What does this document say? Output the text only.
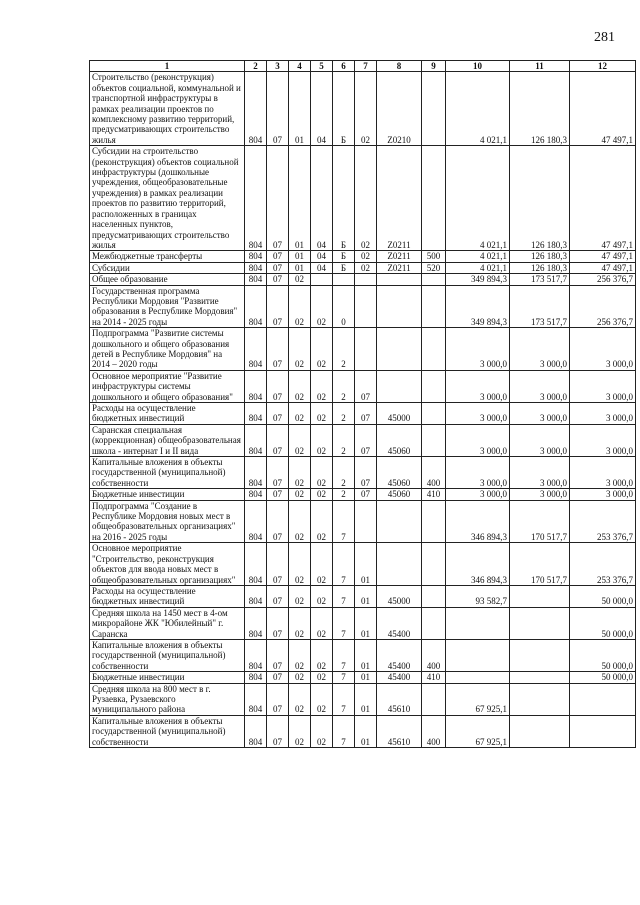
281
1	2	3	4	5	6	7	8	9	10	11	12
Строительство (реконструкция) объектов социальной, коммунальной и транспортной инфраструктуры в рамках реализации проектов по комплексному развитию территорий, предусматривающих строительство жилья	804	07	01	04	Б	02	Z0210		4 021,1	126 180,3	47 497,1
Субсидии на строительство (реконструкция) объектов социальной инфраструктуры (дошкольные учреждения, общеобразовательные учреждения) в рамках реализации проектов по развитию территорий, расположенных в границах населенных пунктов, предусматривающих строительство жилья	804	07	01	04	Б	02	Z0211		4 021,1	126 180,3	47 497,1
Межбюджетные трансферты	804	07	01	04	Б	02	Z0211	500	4 021,1	126 180,3	47 497,1
Субсидии	804	07	01	04	Б	02	Z0211	520	4 021,1	126 180,3	47 497,1
Общее образование	804	07	02						349 894,3	173 517,7	256 376,7
Государственная программа Республики Мордовия "Развитие образования в Республике Мордовия" на 2014 - 2025 годы	804	07	02	02	0				349 894,3	173 517,7	256 376,7
Подпрограмма "Развитие системы дошкольного и общего образования детей в Республике Мордовия" на 2014 – 2020 годы	804	07	02	02	2				3 000,0	3 000,0	3 000,0
Основное мероприятие "Развитие инфраструктуры системы дошкольного и общего образования"	804	07	02	02	2	07			3 000,0	3 000,0	3 000,0
Расходы на осуществление бюджетных инвестиций	804	07	02	02	2	07	45000		3 000,0	3 000,0	3 000,0
Саранская специальная (коррекционная) общеобразовательная школа - интернат I и II вида	804	07	02	02	2	07	45060		3 000,0	3 000,0	3 000,0
Капитальные вложения в объекты государственной (муниципальной) собственности	804	07	02	02	2	07	45060	400	3 000,0	3 000,0	3 000,0
Бюджетные инвестиции	804	07	02	02	2	07	45060	410	3 000,0	3 000,0	3 000,0
Подпрограмма "Создание в Республике Мордовия новых мест в общеобразовательных организациях" на 2016 - 2025 годы	804	07	02	02	7				346 894,3	170 517,7	253 376,7
Основное мероприятие "Строительство, реконструкция объектов для ввода новых мест в общеобразовательных организациях"	804	07	02	02	7	01			346 894,3	170 517,7	253 376,7
Расходы на осуществление бюджетных инвестиций	804	07	02	02	7	01	45000		93 582,7		50 000,0
Средняя школа на 1450 мест в 4-ом микрорайоне ЖК "Юбилейный" г. Саранска	804	07	02	02	7	01	45400				50 000,0
Капитальные вложения в объекты государственной (муниципальной) собственности	804	07	02	02	7	01	45400	400			50 000,0
Бюджетные инвестиции	804	07	02	02	7	01	45400	410			50 000,0
Средняя школа на 800 мест в г. Рузаевка, Рузаевского муниципального района	804	07	02	02	7	01	45610		67 925,1		
Капитальные вложения в объекты государственной (муниципальной) собственности	804	07	02	02	7	01	45610	400	67 925,1		
